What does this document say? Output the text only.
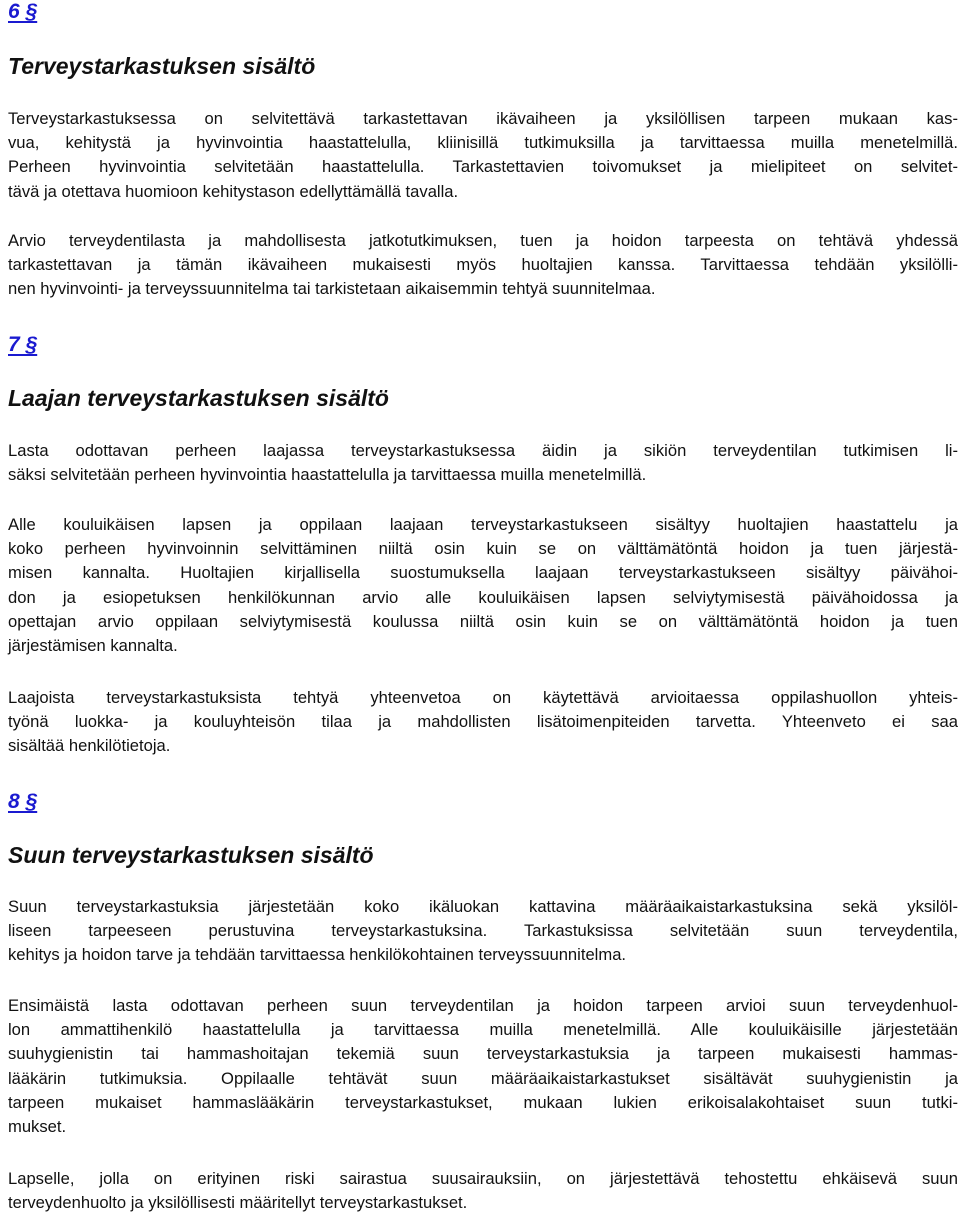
6 §
Terveystarkastuksen sisältö
Terveystarkastuksessa on selvitettävä tarkastettavan ikävaiheen ja yksilöllisen tarpeen mukaan kas-
vua, kehitystä ja hyvinvointia haastattelulla, kliinisillä tutkimuksilla ja tarvittaessa muilla menetelmillä.
Perheen hyvinvointia selvitetään haastattelulla. Tarkastettavien toivomukset ja mielipiteet on selvitet-
tävä ja otettava huomioon kehitystason edellyttämällä tavalla.
Arvio terveydentilasta ja mahdollisesta jatkotutkimuksen, tuen ja hoidon tarpeesta on tehtävä yhdessä
tarkastettavan ja tämän ikävaiheen mukaisesti myös huoltajien kanssa. Tarvittaessa tehdään yksilölli-
nen hyvinvointi- ja terveyssuunnitelma tai tarkistetaan aikaisemmin tehtyä suunnitelmaa.
7 §
Laajan terveystarkastuksen sisältö
Lasta odottavan perheen laajassa terveystarkastuksessa äidin ja sikiön terveydentilan tutkimisen li-
säksi selvitetään perheen hyvinvointia haastattelulla ja tarvittaessa muilla menetelmillä.
Alle kouluikäisen lapsen ja oppilaan laajaan terveystarkastukseen sisältyy huoltajien haastattelu ja
koko perheen hyvinvoinnin selvittäminen niiltä osin kuin se on välttämätöntä hoidon ja tuen järjestä-
misen kannalta. Huoltajien kirjallisella suostumuksella laajaan terveystarkastukseen sisältyy päivähoi-
don ja esiopetuksen henkilökunnan arvio alle kouluikäisen lapsen selviytymisestä päivähoidossa ja
opettajan arvio oppilaan selviytymisestä koulussa niiltä osin kuin se on välttämätöntä hoidon ja tuen
järjestämisen kannalta.
Laajoista terveystarkastuksista tehtyä yhteenvetoa on käytettävä arvioitaessa oppilashuollon yhteis-
työnä luokka- ja kouluyhteisön tilaa ja mahdollisten lisätoimenpiteiden tarvetta. Yhteenveto ei saa
sisältää henkilötietoja.
8 §
Suun terveystarkastuksen sisältö
Suun terveystarkastuksia järjestetään koko ikäluokan kattavina määräaikaistarkastuksina sekä yksilöl-
liseen tarpeeseen perustuvina terveystarkastuksina. Tarkastuksissa selvitetään suun terveydentila,
kehitys ja hoidon tarve ja tehdään tarvittaessa henkilökohtainen terveyssuunnitelma.
Ensimäistä lasta odottavan perheen suun terveydentilan ja hoidon tarpeen arvioi suun terveydenhuol-
lon ammattihenkilö haastattelulla ja tarvittaessa muilla menetelmillä. Alle kouluikäisille järjestetään
suuhygienistin tai hammashoitajan tekemiä suun terveystarkastuksia ja tarpeen mukaisesti hammas-
lääkärin tutkimuksia. Oppilaalle tehtävät suun määräaikaistarkastukset sisältävät suuhygienistin ja
tarpeen mukaiset hammaslääkärin terveystarkastukset, mukaan lukien erikoisalakohtaiset suun tutki-
mukset.
Lapselle, jolla on erityinen riski sairastua suusairauksiin, on järjestettävä tehostettu ehkäisevä suun
terveydenhuolto ja yksilöllisesti määritellyt terveystarkastukset.
